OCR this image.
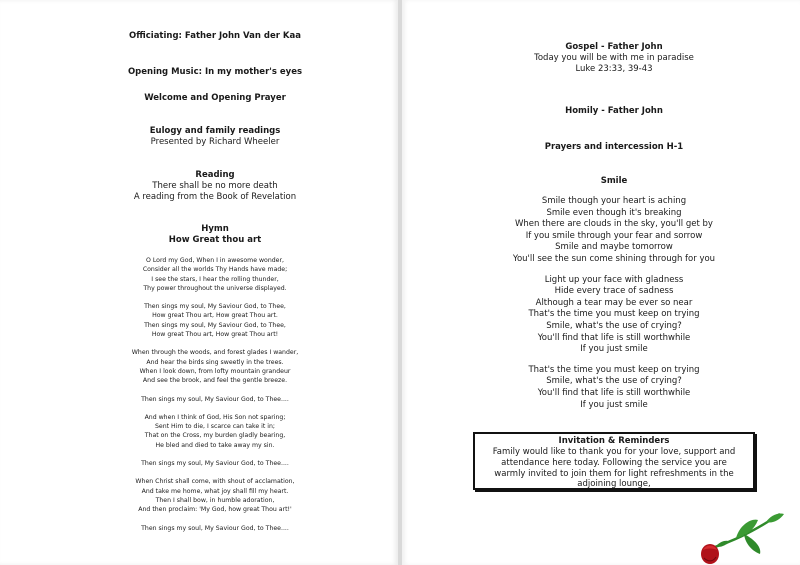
Officiating: Father John Van der Kaa

Opening Music: In my mother's eyes

Welcome and Opening Prayer

Eulogy and family readings

Presented by Richard Wheeler

Reading

There shall be no more death

A reading from the Book of Revelation

Hymn

How Great thou art

O Lord my God, When I in awesome wonder,

Consider all the worlds Thy Hands have made;

I see the stars, I hear the rolling thunder,

Thy power throughout the universe displayed.

Then sings my soul, My Saviour God, to Thee,

How great Thou art, How great Thou art.

Then sings my soul, My Saviour God, to Thee,

How great Thou art, How great Thou art!

When through the woods, and forest glades I wander,

And hear the birds sing sweetly in the trees.

When I look down, from lofty mountain grandeur

And see the brook, and feel the gentle breeze.

Then sings my soul, My Saviour God, to Thee....

And when I think of God, His Son not sparing;

Sent Him to die, I scarce can take it in;

That on the Cross, my burden gladly bearing,

He bled and died to take away my sin.

Then sings my soul, My Saviour God, to Thee....

When Christ shall come, with shout of acclamation,

And take me home, what joy shall fill my heart.

Then I shall bow, in humble adoration,

And then proclaim: 'My God, how great Thou art!'

Then sings my soul, My Saviour God, to Thee....

Gospel - Father John

Today you will be with me in paradise

Luke 23:33, 39-43

Homily - Father John

Prayers and intercession H-1

Smile

Smile though your heart is aching

Smile even though it's breaking

When there are clouds in the sky, you'll get by

If you smile through your fear and sorrow

Smile and maybe tomorrow

You'll see the sun come shining through for you

Light up your face with gladness

Hide every trace of sadness

Although a tear may be ever so near

That's the time you must keep on trying

Smile, what's the use of crying?

You'll find that life is still worthwhile

If you just smile

That's the time you must keep on trying

Smile, what's the use of crying?

You'll find that life is still worthwhile

If you just smile

Invitation & Reminders

Family would like to thank you for your love, support and

attendance here today. Following the service you are

warmly invited to join them for light refreshments in the

adjoining lounge,
